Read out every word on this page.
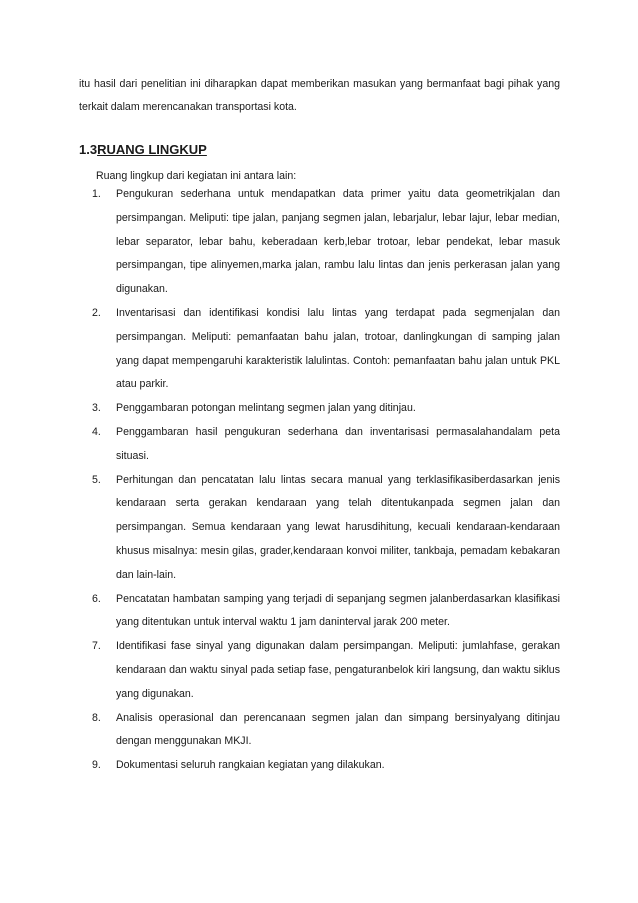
itu hasil dari penelitian ini diharapkan dapat memberikan masukan yang bermanfaat bagi pihak yang terkait dalam merencanakan transportasi kota.

1.3RUANG LINGKUP

Ruang lingkup dari kegiatan ini antara lain:

1. Pengukuran sederhana untuk mendapatkan data primer yaitu data geometrikjalan dan persimpangan. Meliputi: tipe jalan, panjang segmen jalan, lebarjalur, lebar lajur, lebar median, lebar separator, lebar bahu, keberadaan kerb,lebar trotoar, lebar pendekat, lebar masuk persimpangan, tipe alinyemen,marka jalan, rambu lalu lintas dan jenis perkerasan jalan yang digunakan.
2. Inventarisasi dan identifikasi kondisi lalu lintas yang terdapat pada segmenjalan dan persimpangan. Meliputi: pemanfaatan bahu jalan, trotoar, danlingkungan di samping jalan yang dapat mempengaruhi karakteristik lalulintas. Contoh: pemanfaatan bahu jalan untuk PKL atau parkir.
3. Penggambaran potongan melintang segmen jalan yang ditinjau.
4. Penggambaran hasil pengukuran sederhana dan inventarisasi permasalahandalam peta situasi.
5. Perhitungan dan pencatatan lalu lintas secara manual yang terklasifikasiberdasarkan jenis kendaraan serta gerakan kendaraan yang telah ditentukanpada segmen jalan dan persimpangan. Semua kendaraan yang lewat harusdihitung, kecuali kendaraan-kendaraan khusus misalnya: mesin gilas, grader,kendaraan konvoi militer, tankbaja, pemadam kebakaran dan lain-lain.
6. Pencatatan hambatan samping yang terjadi di sepanjang segmen jalanberdasarkan klasifikasi yang ditentukan untuk interval waktu 1 jam daninterval jarak 200 meter.
7. Identifikasi fase sinyal yang digunakan dalam persimpangan. Meliputi: jumlahfase, gerakan kendaraan dan waktu sinyal pada setiap fase, pengaturanbelok kiri langsung, dan waktu siklus yang digunakan.
8. Analisis operasional dan perencanaan segmen jalan dan simpang bersinyalyang ditinjau dengan menggunakan MKJI.
9. Dokumentasi seluruh rangkaian kegiatan yang dilakukan.
